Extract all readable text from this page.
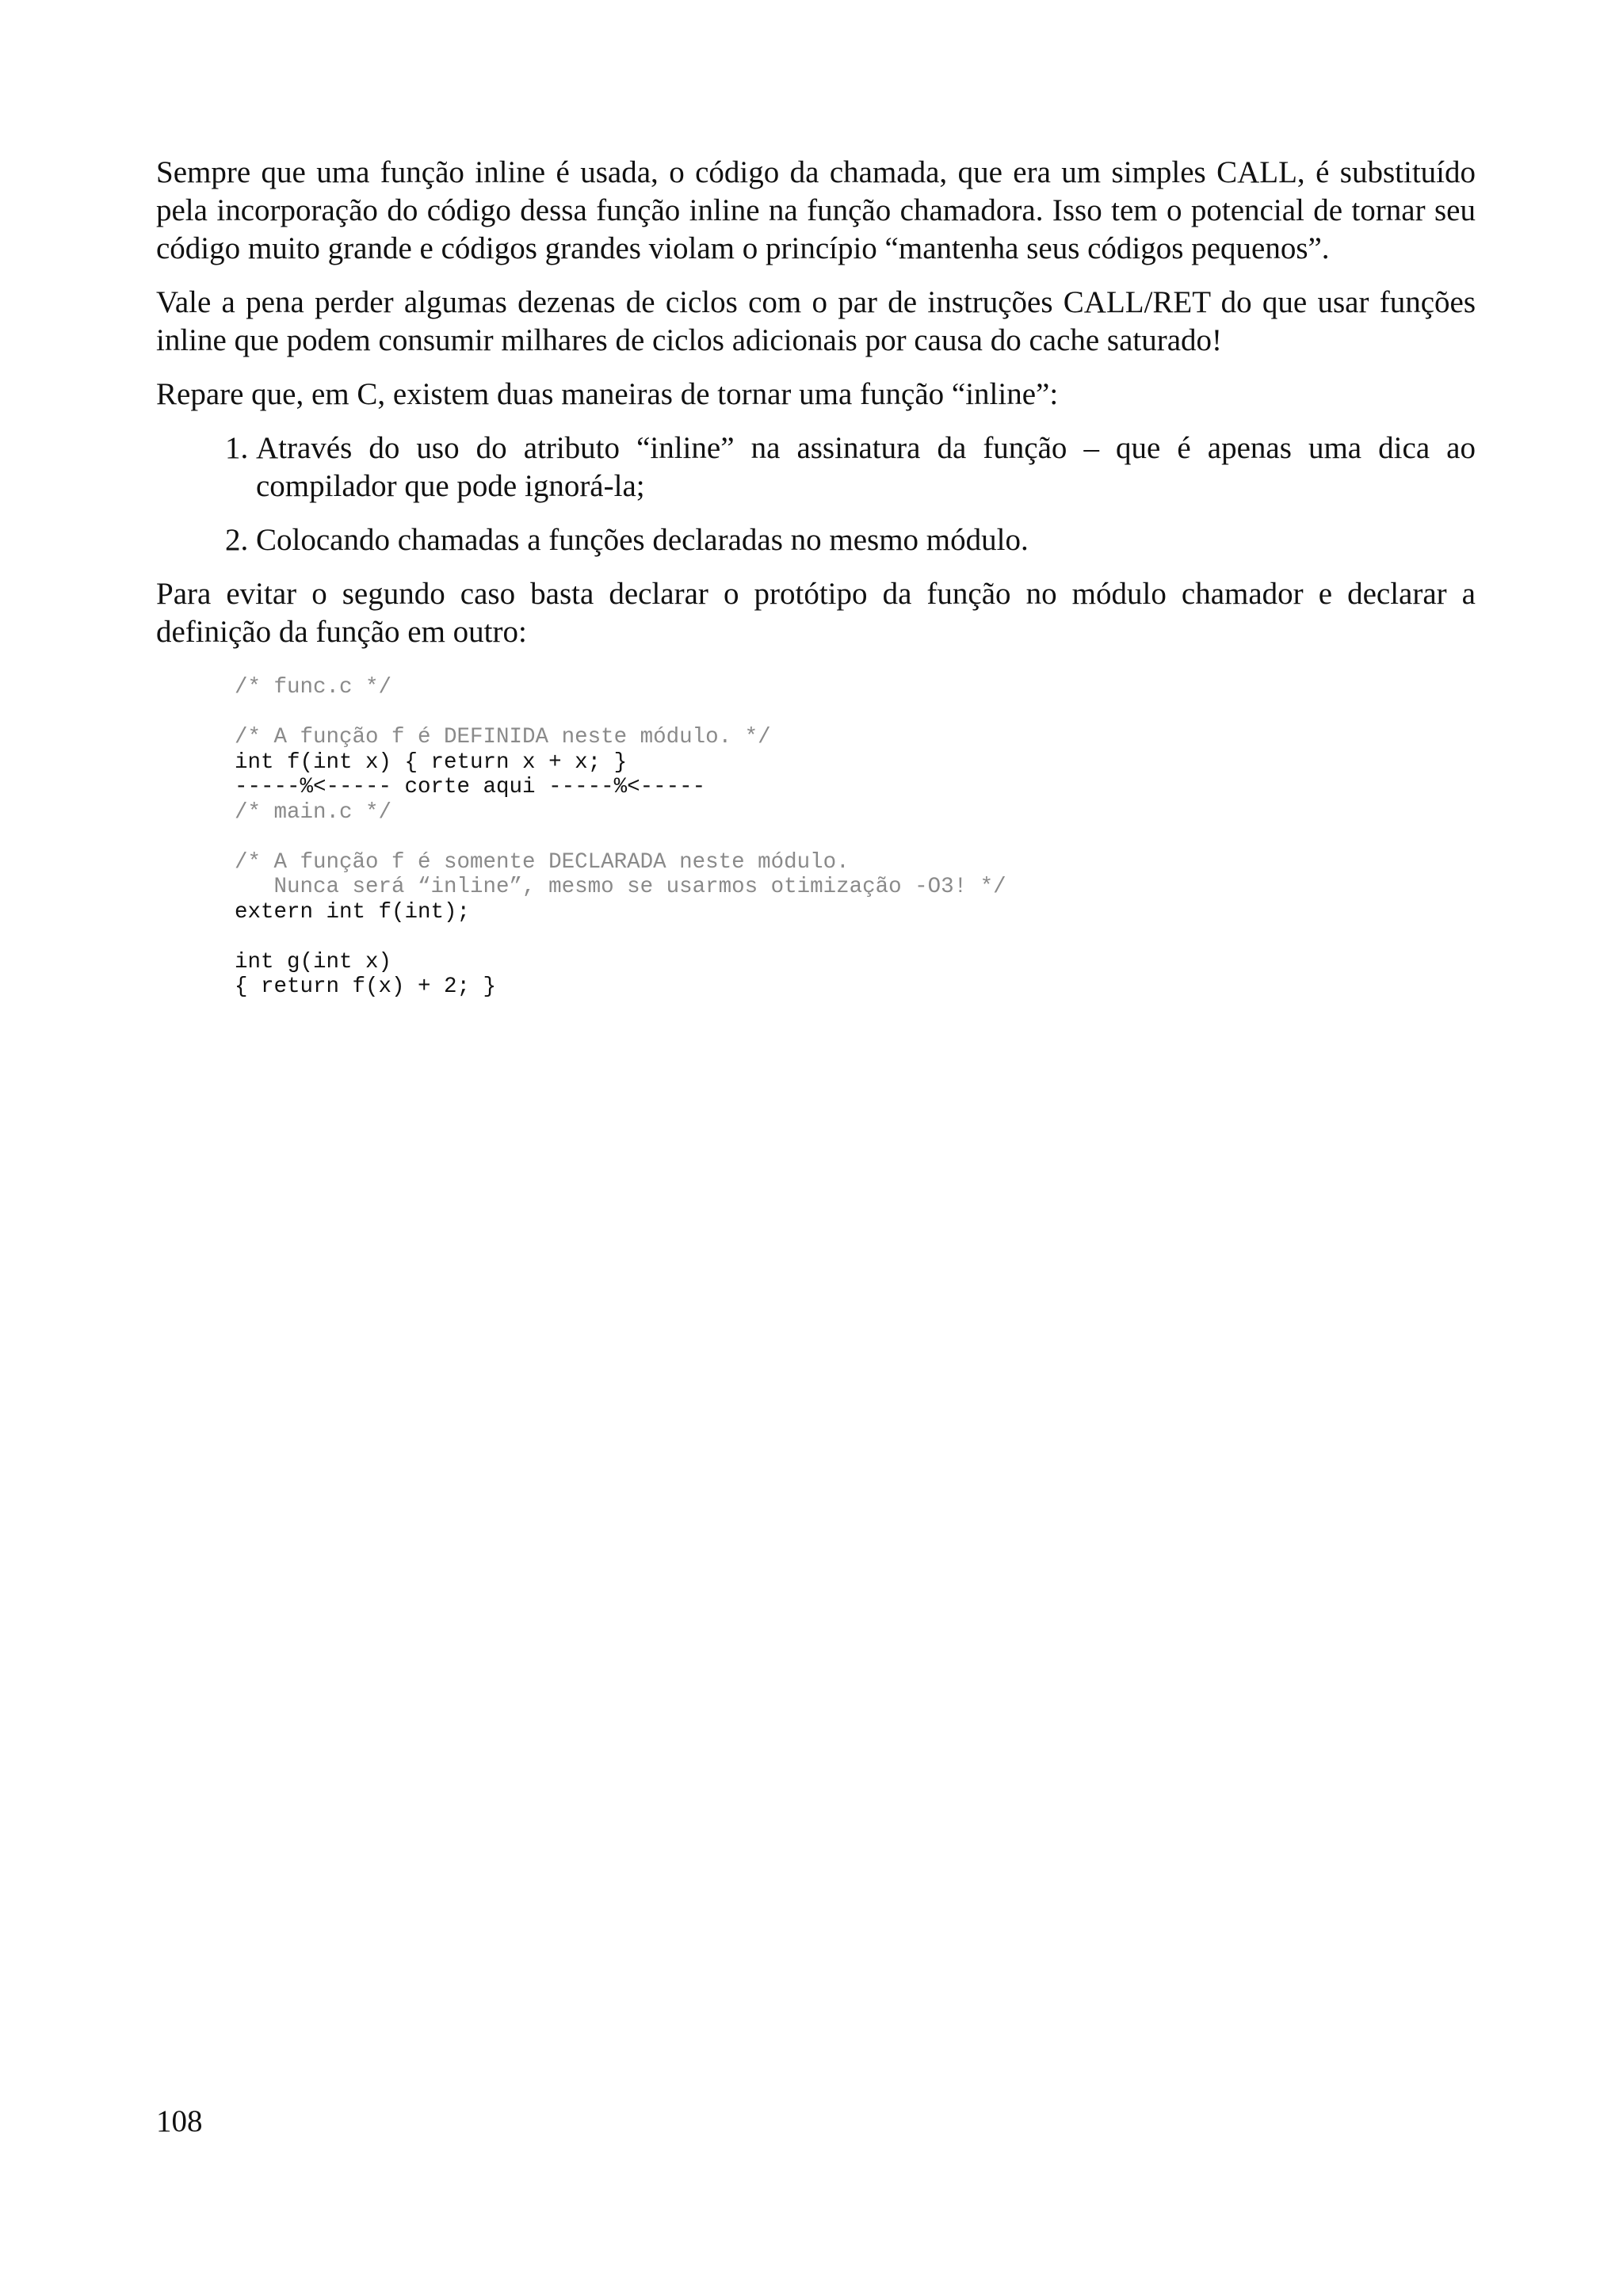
Sempre que uma função inline é usada, o código da chamada, que era um simples CALL, é substituído pela incorporação do código dessa função inline na função chamadora. Isso tem o potencial de tornar seu código muito grande e códigos grandes violam o princípio “mantenha seus códigos pequenos”.

Vale a pena perder algumas dezenas de ciclos com o par de instruções CALL/RET do que usar funções inline que podem consumir milhares de ciclos adicionais por causa do cache saturado!

Repare que, em C, existem duas maneiras de tornar uma função “inline”:

1. Através do uso do atributo “inline” na assinatura da função – que é apenas uma dica ao compilador que pode ignorá-la;
2. Colocando chamadas a funções declaradas no mesmo módulo.

Para evitar o segundo caso basta declarar o protótipo da função no módulo chamador e declarar a definição da função em outro:

/* func.c */
/* A função f é DEFINIDA neste módulo. */
int f(int x) { return x + x; }
-----%<----- corte aqui -----%<-----
/* main.c */
/* A função f é somente DECLARADA neste módulo.
Nunca será “inline”, mesmo se usarmos otimização -O3! */
extern int f(int);
int g(int x)
{ return f(x) + 2; }
108
